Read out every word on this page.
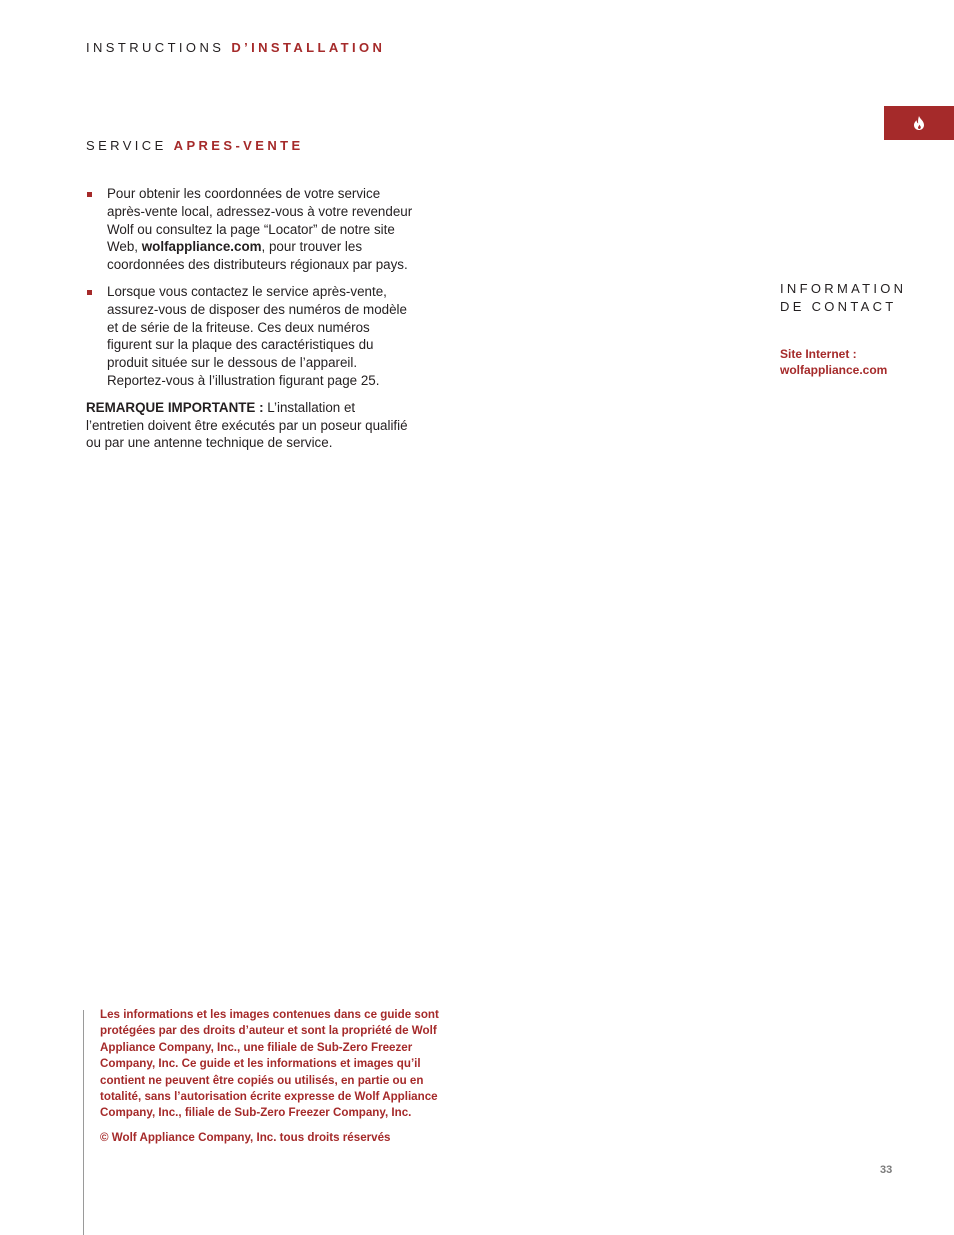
INSTRUCTIONS D’INSTALLATION
SERVICE APRES-VENTE

Pour obtenir les coordonnées de votre service après-vente local, adressez-vous à votre revendeur Wolf ou consultez la page “Locator” de notre site Web, wolfappliance.com, pour trouver les coordonnées des distributeurs régionaux par pays.

Lorsque vous contactez le service après-vente, assurez-vous de disposer des numéros de modèle et de série de la friteuse. Ces deux numéros figurent sur la plaque des caractéristiques du produit située sur le dessous de l’appareil. Reportez-vous à l’illustration figurant page 25.

REMARQUE IMPORTANTE : L’installation et l’entretien doivent être exécutés par un poseur qualifié ou par une antenne technique de service.

INFORMATION
DE CONTACT
Site Internet :
wolfappliance.com

Les informations et les images contenues dans ce guide sont protégées par des droits d’auteur et sont la propriété de Wolf Appliance Company, Inc., une filiale de Sub-Zero Freezer Company, Inc. Ce guide et les informations et images qu’il contient ne peuvent être copiés ou utilisés, en partie ou en totalité, sans l’autorisation écrite expresse de Wolf Appliance Company, Inc., filiale de Sub-Zero Freezer Company, Inc.

© Wolf Appliance Company, Inc. tous droits réservés

33
